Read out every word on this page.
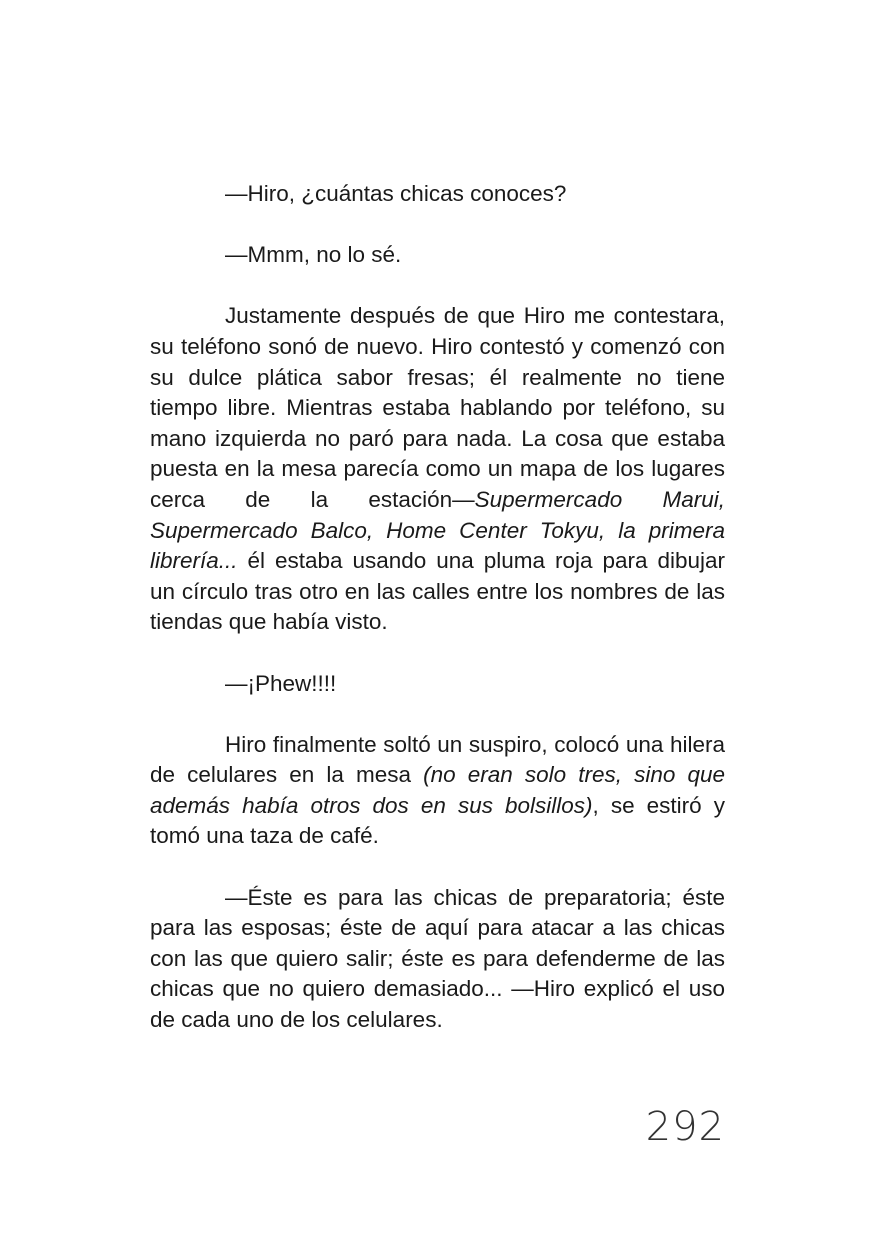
—Hiro, ¿cuántas chicas conoces?

—Mmm, no lo sé.

Justamente después de que Hiro me contestara, su teléfono sonó de nuevo. Hiro contestó y comenzó con su dulce plática sabor fresas; él realmente no tiene tiempo libre. Mientras estaba hablando por teléfono, su mano izquierda no paró para nada. La cosa que estaba puesta en la mesa parecía como un mapa de los lugares cerca de la estación—Supermercado Marui, Supermercado Balco, Home Center Tokyu, la primera librería... él estaba usando una pluma roja para dibujar un círculo tras otro en las calles entre los nombres de las tiendas que había visto.

—¡Phew!!!!

Hiro finalmente soltó un suspiro, colocó una hilera de celulares en la mesa (no eran solo tres, sino que además había otros dos en sus bolsillos), se estiró y tomó una taza de café.

—Éste es para las chicas de preparatoria; éste para las esposas; éste de aquí para atacar a las chicas con las que quiero salir; éste es para defenderme de las chicas que no quiero demasiado... —Hiro explicó el uso de cada uno de los celulares.

292
